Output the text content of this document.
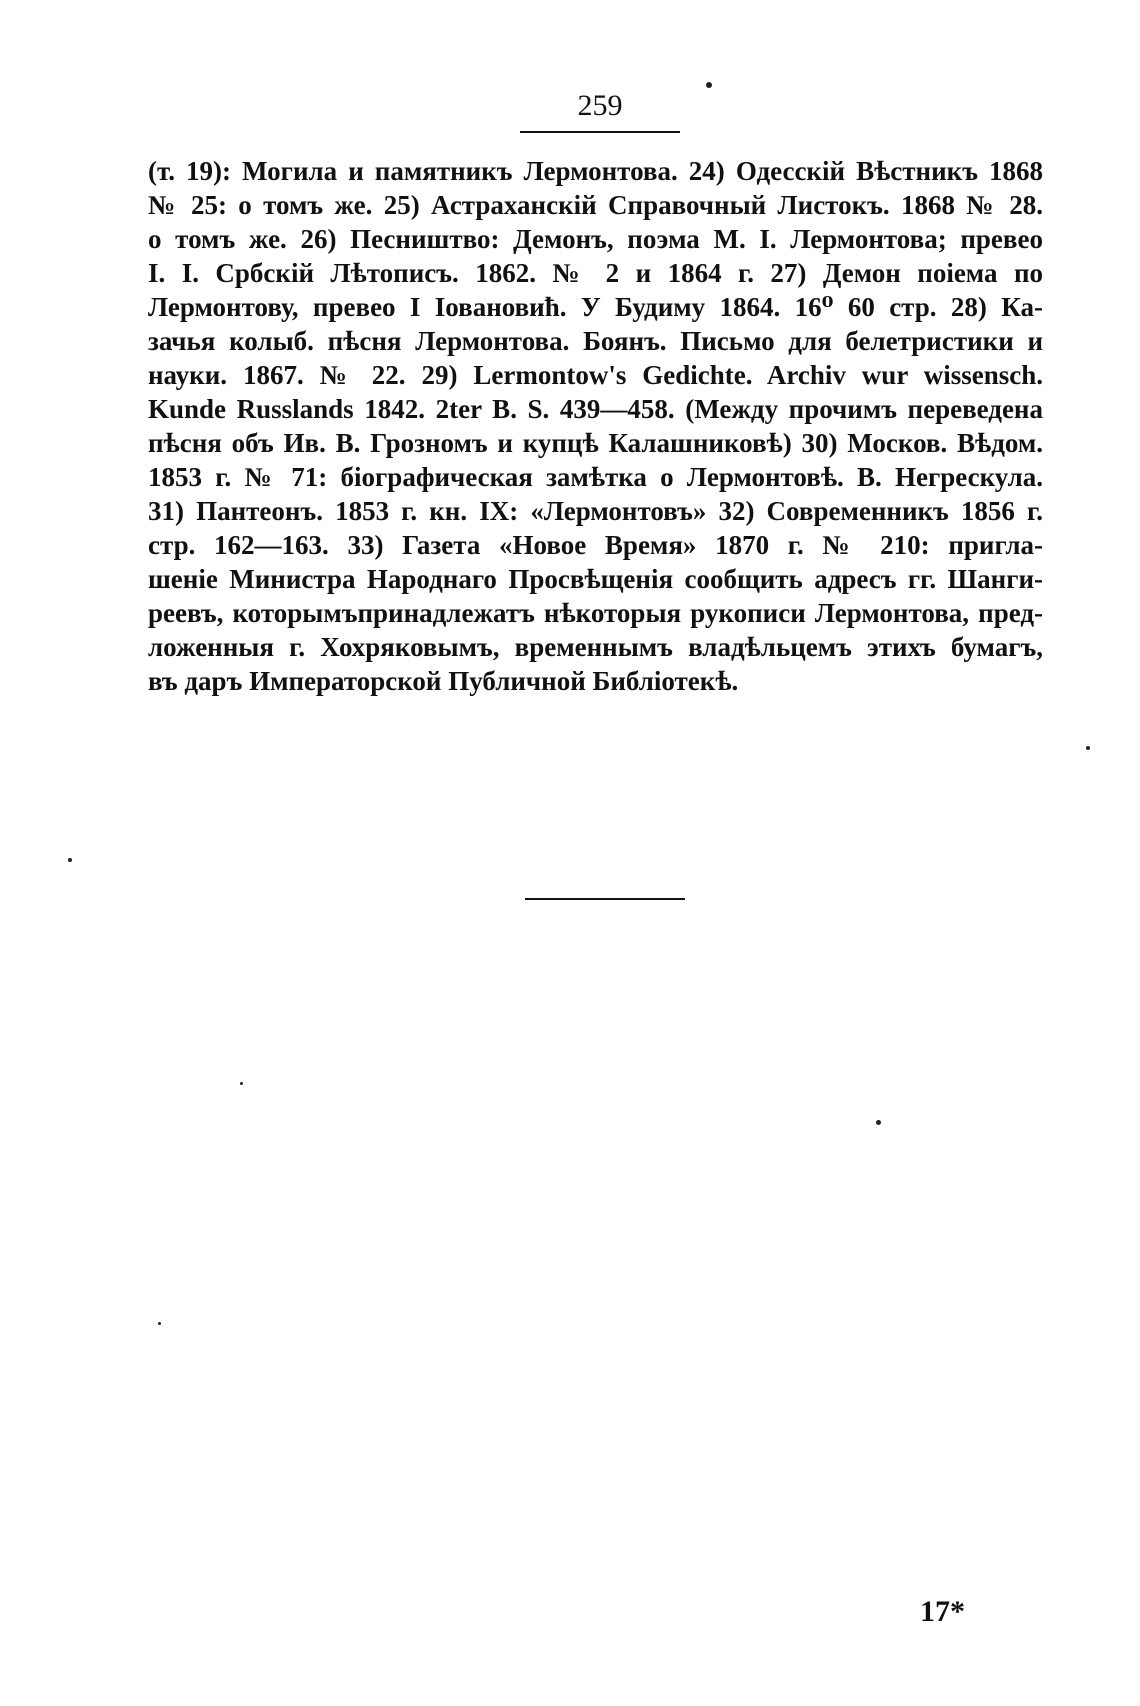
259
(т. 19): Могила и памятникъ Лермонтова. 24) Одесскій Вѣстникъ 1868
№ 25: о томъ же. 25) Астраханскій Справочный Листокъ. 1868 № 28.
о томъ же. 26) Песништво: Демонъ, поэма М. I. Лермонтова; превео
I. I. Србскій Лѣтописъ. 1862. № 2 и 1864 г. 27) Демон поіема по
Лермонтову, превео I Іовановић. У Будиму 1864. 16⁰ 60 стр. 28) Ка-
зачья колыб. пѣсня Лермонтова. Боянъ. Письмо для белетристики и
науки. 1867. № 22. 29) Lermontow's Gedichte. Archiv wur wissensch.
Kunde Russlands 1842. 2ter B. S. 439—458. (Между прочимъ переведена
пѣсня объ Ив. В. Грозномъ и купцѣ Калашниковѣ) 30) Москов. Вѣдом.
1853 г. № 71: біографическая замѣтка о Лермонтовѣ. В. Негрескула.
31) Пантеонъ. 1853 г. кн. IX: «Лермонтовъ» 32) Современникъ 1856 г.
стр. 162—163. 33) Газета «Новое Время» 1870 г. № 210: пригла-
шеніе Министра Народнаго Просвѣщенія сообщить адресъ гг. Шанги-
реевъ, которымъпринадлежатъ нѣкоторыя рукописи Лермонтова, пред-
ложенныя г. Хохряковымъ, временнымъ владѣльцемъ этихъ бумагъ,
въ даръ Императорской Публичной Библіотекѣ.
17*
